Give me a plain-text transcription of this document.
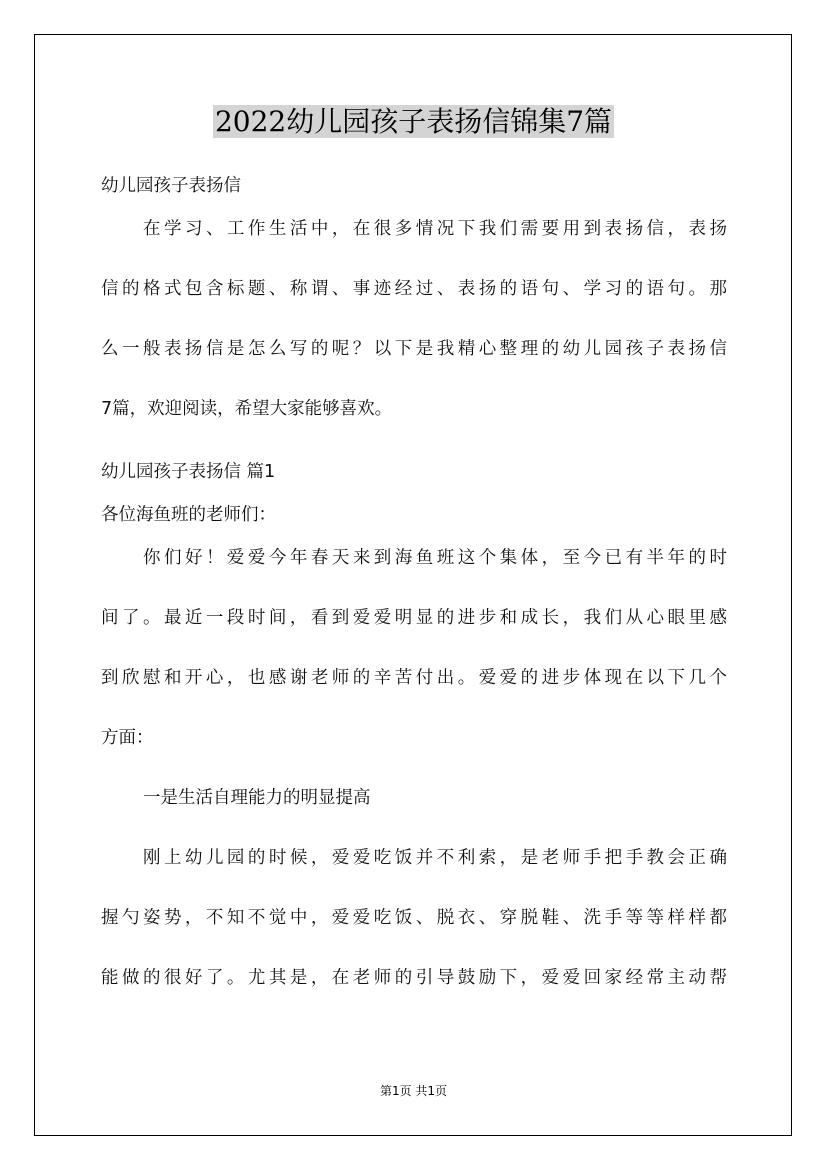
2022幼儿园孩子表扬信锦集7篇
幼儿园孩子表扬信
在学习、工作生活中，在很多情况下我们需要用到表扬信，表扬
信的格式包含标题、称谓、事迹经过、表扬的语句、学习的语句。那
么一般表扬信是怎么写的呢？以下是我精心整理的幼儿园孩子表扬信
7篇，欢迎阅读，希望大家能够喜欢。
幼儿园孩子表扬信 篇1
各位海鱼班的老师们：
你们好！爱爱今年春天来到海鱼班这个集体，至今已有半年的时
间了。最近一段时间，看到爱爱明显的进步和成长，我们从心眼里感
到欣慰和开心，也感谢老师的辛苦付出。爱爱的进步体现在以下几个
方面：
一是生活自理能力的明显提高
刚上幼儿园的时候，爱爱吃饭并不利索，是老师手把手教会正确
握勺姿势，不知不觉中，爱爱吃饭、脱衣、穿脱鞋、洗手等等样样都
能做的很好了。尤其是，在老师的引导鼓励下，爱爱回家经常主动帮
第1页 共1页
